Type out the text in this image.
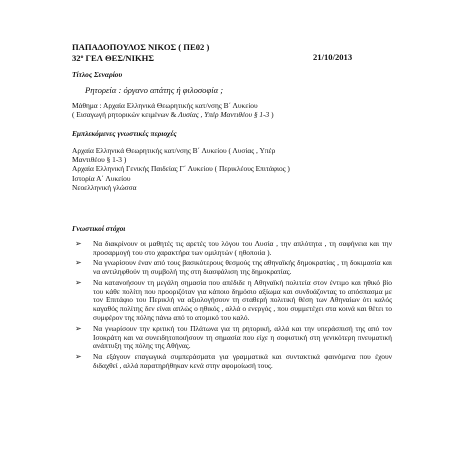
ΠΑΠΑΔΟΠΟΥΛΟΣ ΝΙΚΟΣ ( ΠΕ02 )
$32^o$ ΓΕΛ ΘΕΣ/ΝΙΚΗΣ	21/10/2013
Τίτλος Σεναρίου
Ρητορεία : όργανο απάτης ή φιλοσοφία ;
Μάθημα : Αρχαία Ελληνικά Θεωρητικής κατ/νσης Β΄ Λυκείου
( Εισαγωγή ρητορικών κειμένων & Λυσίας , Υπέρ Μαντιθέου § 1-3 )
Εμπλεκόμενες γνωστικές περιοχές
Αρχαία Ελληνικά Θεωρητικής κατ/νσης Β΄ Λυκείου ( Λυσίας , Υπέρ
Μαντιθέου § 1-3 )
Αρχαία Ελληνική Γενικής Παιδείας Γ΄ Λυκείου ( Περικλέους Επιτάφιος )
Ιστορία Α΄ Λυκείου
Νεοελληνική γλώσσα
Γνωστικοί στόχοι
➢ Να διακρίνουν οι μαθητές τις αρετές του λόγου του Λυσία , την απλότητα , τη σαφήνεια και την προσαρμογή του στο χαρακτήρα των ομιλητών ( ηθοποιία ).
➢ Να γνωρίσουν έναν από τους βασικότερους θεσμούς της αθηναϊκής δημοκρατίας , τη δοκιμασία και να αντιληφθούν τη συμβολή της στη διασφάλιση της δημοκρατίας.
➢ Να κατανοήσουν τη μεγάλη σημασία που απέδιδε η Αθηναϊκή πολιτεία στον έντιμο και ηθικό βίο του κάθε πολίτη που προοριζόταν για κάποιο δημόσιο αξίωμα και συνδυάζοντας το απόσπασμα με τον Επιτάφιο του Περικλή να αξιολογήσουν τη σταθερή πολιτική θέση των Αθηναίων ότι καλός καγαθός πολίτης δεν είναι απλώς ο ηθικός , αλλά ο ενεργός , που συμμετέχει στα κοινά και θέτει το συμφέρον της πόλης πάνω από το ατομικό του καλό.
➢ Να γνωρίσουν την κριτική του Πλάτωνα για τη ρητορική, αλλά και την υπεράσπισή της από τον Ισοκράτη και να συνειδητοποιήσουν τη σημασία που είχε η σοφιστική στη γενικότερη πνευματική ανάπτυξη της πόλης της Αθήνας.
➢ Να εξάγουν επαγωγικά συμπεράσματα για γραμματικά και συντακτικά φαινόμενα που έχουν διδαχθεί , αλλά παρατηρήθηκαν κενά στην αφομοίωσή τους.
